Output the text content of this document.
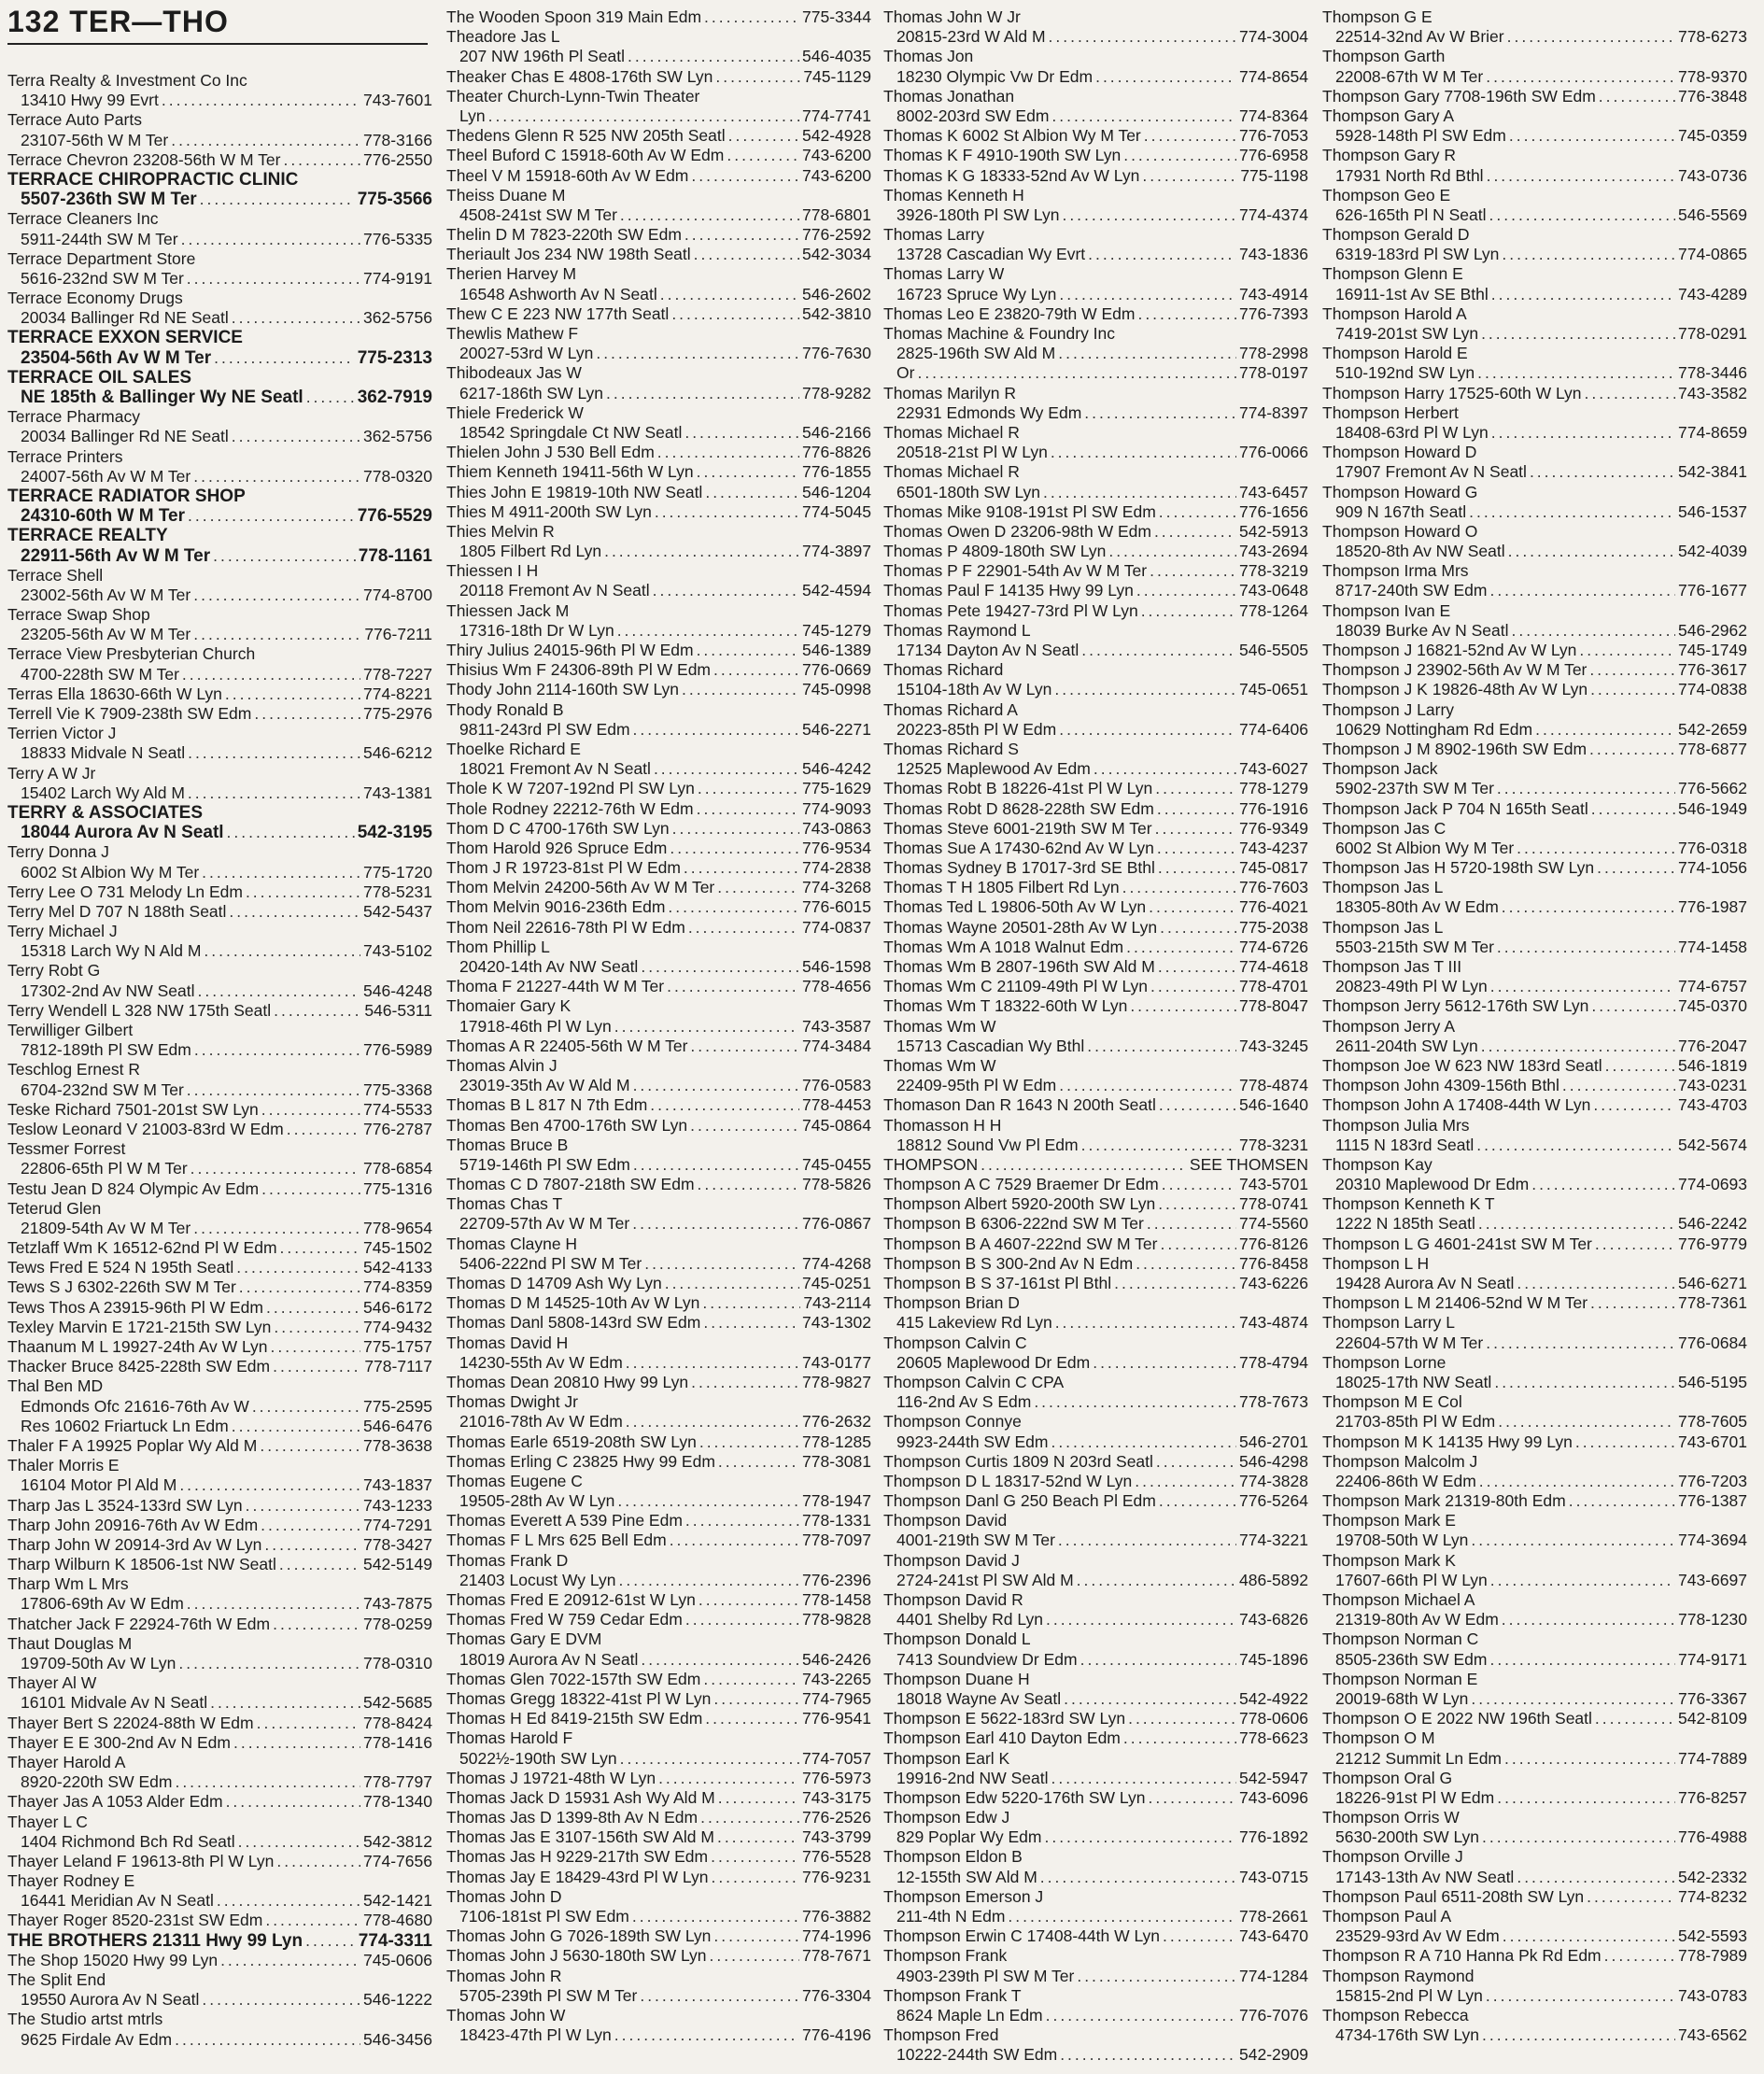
132 TER—THO
Terra Realty & Investment Co Inc
13410 Hwy 99 Evrt .....	743-7601
Terrace Auto Parts
23107-56th W M Ter .....	778-3166
Terrace Chevron 23208-56th W M Ter .....	776-2550
TERRACE CHIROPRACTIC CLINIC
5507-236th SW M Ter .....	775-3566
Terrace Cleaners Inc
5911-244th SW M Ter .....	776-5335
Terrace Department Store
5616-232nd SW M Ter .....	774-9191
Terrace Economy Drugs
20034 Ballinger Rd NE Seatl .....	362-5756
TERRACE EXXON SERVICE
23504-56th Av W M Ter .....	775-2313
TERRACE OIL SALES
NE 185th & Ballinger Wy NE Seatl .....	362-7919
Terrace Pharmacy
20034 Ballinger Rd NE Seatl .....	362-5756
Terrace Printers
24007-56th Av W M Ter .....	778-0320
TERRACE RADIATOR SHOP
24310-60th W M Ter .....	776-5529
TERRACE REALTY
22911-56th Av W M Ter .....	778-1161
Terrace Shell
23002-56th Av W M Ter .....	774-8700
Terrace Swap Shop
23205-56th Av W M Ter .....	776-7211
Terrace View Presbyterian Church
4700-228th SW M Ter .....	778-7227
Terras Ella 18630-66th W Lyn .....	774-8221
Terrell Vie K 7909-238th SW Edm .....	775-2976
Terrien Victor J
18833 Midvale N Seatl .....	546-6212
Terry A W Jr
15402 Larch Wy Ald M .....	743-1381
TERRY & ASSOCIATES
18044 Aurora Av N Seatl .....	542-3195
Terry Donna J
6002 St Albion Wy M Ter .....	775-1720
Terry Lee O 731 Melody Ln Edm .....	778-5231
Terry Mel D 707 N 188th Seatl .....	542-5437
Terry Michael J
15318 Larch Wy N Ald M .....	743-5102
Terry Robt G
17302-2nd Av NW Seatl .....	546-4248
Terry Wendell L 328 NW 175th Seatl .....	546-5311
Terwilliger Gilbert
7812-189th Pl SW Edm .....	776-5989
Teschlog Ernest R
6704-232nd SW M Ter .....	775-3368
Teske Richard 7501-201st SW Lyn .....	774-5533
Teslow Leonard V 21003-83rd W Edm .....	776-2787
Tessmer Forrest
22806-65th Pl W M Ter .....	778-6854
Testu Jean D 824 Olympic Av Edm .....	775-1316
Teterud Glen
21809-54th Av W M Ter .....	778-9654
Tetzlaff Wm K 16512-62nd Pl W Edm .....	745-1502
Tews Fred E 524 N 195th Seatl .....	542-4133
Tews S J 6302-226th SW M Ter .....	774-8359
Tews Thos A 23915-96th Pl W Edm .....	546-6172
Texley Marvin E 1721-215th SW Lyn .....	774-9432
Thaanum M L 19927-24th Av W Lyn .....	775-1757
Thacker Bruce 8425-228th SW Edm .....	778-7117
Thal Ben MD
Edmonds Ofc 21616-76th Av W .....	775-2595
Res 10602 Friartuck Ln Edm .....	546-6476
Thaler F A 19925 Poplar Wy Ald M .....	778-3638
Thaler Morris E
16104 Motor Pl Ald M .....	743-1837
Tharp Jas L 3524-133rd SW Lyn .....	743-1233
Tharp John 20916-76th Av W Edm .....	774-7291
Tharp John W 20914-3rd Av W Lyn .....	778-3427
Tharp Wilburn K 18506-1st NW Seatl .....	542-5149
Tharp Wm L Mrs
17806-69th Av W Edm .....	743-7875
Thatcher Jack F 22924-76th W Edm .....	778-0259
Thaut Douglas M
19709-50th Av W Lyn .....	778-0310
Thayer Al W
16101 Midvale Av N Seatl .....	542-5685
Thayer Bert S 22024-88th W Edm .....	778-8424
Thayer E E 300-2nd Av N Edm .....	778-1416
Thayer Harold A
8920-220th SW Edm .....	778-7797
Thayer Jas A 1053 Alder Edm .....	778-1340
Thayer L C
1404 Richmond Bch Rd Seatl .....	542-3812
Thayer Leland F 19613-8th Pl W Lyn .....	774-7656
Thayer Rodney E
16441 Meridian Av N Seatl .....	542-1421
Thayer Roger 8520-231st SW Edm .....	778-4680
THE BROTHERS 21311 Hwy 99 Lyn .....	774-3311
The Shop 15020 Hwy 99 Lyn .....	745-0606
The Split End
19550 Aurora Av N Seatl .....	546-1222
The Studio artst mtrls
9625 Firdale Av Edm .....	546-3456
The Wooden Spoon 319 Main Edm .....	775-3344
Theadore Jas L
207 NW 196th Pl Seatl .....	546-4035
Theaker Chas E 4808-176th SW Lyn .....	745-1129
Theater Church-Lynn-Twin Theater
Lyn .....	774-7741
Thedens Glenn R 525 NW 205th Seatl .....	542-4928
Theel Buford C 15918-60th Av W Edm .....	743-6200
Theel V M 15918-60th Av W Edm .....	743-6200
Theiss Duane M
4508-241st SW M Ter .....	778-6801
Thelin D M 7823-220th SW Edm .....	776-2592
Theriault Jos 234 NW 198th Seatl .....	542-3034
Therien Harvey M
16548 Ashworth Av N Seatl .....	546-2602
Thew C E 223 NW 177th Seatl .....	542-3810
Thewlis Mathew F
20027-53rd W Lyn .....	776-7630
Thibodeaux Jas W
6217-186th SW Lyn .....	778-9282
Thiele Frederick W
18542 Springdale Ct NW Seatl .....	546-2166
Thielen John J 530 Bell Edm .....	776-8826
Thiem Kenneth 19411-56th W Lyn .....	776-1855
Thies John E 19819-10th NW Seatl .....	546-1204
Thies M 4911-200th SW Lyn .....	774-5045
Thies Melvin R
1805 Filbert Rd Lyn .....	774-3897
Thiessen I H
20118 Fremont Av N Seatl .....	542-4594
Thiessen Jack M
17316-18th Dr W Lyn .....	745-1279
Thiry Julius 24015-96th Pl W Edm .....	546-1389
Thisius Wm F 24306-89th Pl W Edm .....	776-0669
Thody John 2114-160th SW Lyn .....	745-0998
Thody Ronald B
9811-243rd Pl SW Edm .....	546-2271
Thoelke Richard E
18021 Fremont Av N Seatl .....	546-4242
Thole K W 7207-192nd Pl SW Lyn .....	775-1629
Thole Rodney 22212-76th W Edm .....	774-9093
Thom D C 4700-176th SW Lyn .....	743-0863
Thom Harold 926 Spruce Edm .....	776-9534
Thom J R 19723-81st Pl W Edm .....	774-2838
Thom Melvin 24200-56th Av W M Ter .....	774-3268
Thom Melvin 9016-236th Edm .....	776-6015
Thom Neil 22616-78th Pl W Edm .....	774-0837
Thom Phillip L
20420-14th Av NW Seatl .....	546-1598
Thoma F 21227-44th W M Ter .....	778-4656
Thomaier Gary K
17918-46th Pl W Lyn .....	743-3587
Thomas A R 22405-56th W M Ter .....	774-3484
Thomas Alvin J
23019-35th Av W Ald M .....	776-0583
Thomas B L 817 N 7th Edm .....	778-4453
Thomas Ben 4700-176th SW Lyn .....	745-0864
Thomas Bruce B
5719-146th Pl SW Edm .....	745-0455
Thomas C D 7807-218th SW Edm .....	778-5826
Thomas Chas T
22709-57th Av W M Ter .....	776-0867
Thomas Clayne H
5406-222nd Pl SW M Ter .....	774-4268
Thomas D 14709 Ash Wy Lyn .....	745-0251
Thomas D M 14525-10th Av W Lyn .....	743-2114
Thomas Danl 5808-143rd SW Edm .....	743-1302
Thomas David H
14230-55th Av W Edm .....	743-0177
Thomas Dean 20810 Hwy 99 Lyn .....	778-9827
Thomas Dwight Jr
21016-78th Av W Edm .....	776-2632
Thomas Earle 6519-208th SW Lyn .....	778-1285
Thomas Erling C 23825 Hwy 99 Edm .....	778-3081
Thomas Eugene C
19505-28th Av W Lyn .....	778-1947
Thomas Everett A 539 Pine Edm .....	778-1331
Thomas F L Mrs 625 Bell Edm .....	778-7097
Thomas Frank D
21403 Locust Wy Lyn .....	776-2396
Thomas Fred E 20912-61st W Lyn .....	778-1458
Thomas Fred W 759 Cedar Edm .....	778-9828
Thomas Gary E DVM
18019 Aurora Av N Seatl .....	546-2426
Thomas Glen 7022-157th SW Edm .....	743-2265
Thomas Gregg 18322-41st Pl W Lyn .....	774-7965
Thomas H Ed 8419-215th SW Edm .....	776-9541
Thomas Harold F
5022½-190th SW Lyn .....	774-7057
Thomas J 19721-48th W Lyn .....	776-5973
Thomas Jack D 15931 Ash Wy Ald M .....	743-3175
Thomas Jas D 1399-8th Av N Edm .....	776-2526
Thomas Jas E 3107-156th SW Ald M .....	743-3799
Thomas Jas H 9229-217th SW Edm .....	776-5528
Thomas Jay E 18429-43rd Pl W Lyn .....	776-9231
Thomas John D
7106-181st Pl SW Edm .....	776-3882
Thomas John G 7026-189th SW Lyn .....	774-1996
Thomas John J 5630-180th SW Lyn .....	778-7671
Thomas John R
5705-239th Pl SW M Ter .....	776-3304
Thomas John W
18423-47th Pl W Lyn .....	776-4196
Thomas John W Jr
20815-23rd W Ald M .....	774-3004
Thomas Jon
18230 Olympic Vw Dr Edm .....	774-8654
Thomas Jonathan
8002-203rd SW Edm .....	774-8364
Thomas K 6002 St Albion Wy M Ter .....	776-7053
Thomas K F 4910-190th SW Lyn .....	776-6958
Thomas K G 18333-52nd Av W Lyn .....	775-1198
Thomas Kenneth H
3926-180th Pl SW Lyn .....	774-4374
Thomas Larry
13728 Cascadian Wy Evrt .....	743-1836
Thomas Larry W
16723 Spruce Wy Lyn .....	743-4914
Thomas Leo E 23820-79th W Edm .....	776-7393
Thomas Machine & Foundry Inc
2825-196th SW Ald M .....	778-2998
Or .....	778-0197
Thomas Marilyn R
22931 Edmonds Wy Edm .....	774-8397
Thomas Michael R
20518-21st Pl W Lyn .....	776-0066
Thomas Michael R
6501-180th SW Lyn .....	743-6457
Thomas Mike 9108-191st Pl SW Edm .....	776-1656
Thomas Owen D 23206-98th W Edm .....	542-5913
Thomas P 4809-180th SW Lyn .....	743-2694
Thomas P F 22901-54th Av W M Ter .....	778-3219
Thomas Paul F 14135 Hwy 99 Lyn .....	743-0648
Thomas Pete 19427-73rd Pl W Lyn .....	778-1264
Thomas Raymond L
17134 Dayton Av N Seatl .....	546-5505
Thomas Richard
15104-18th Av W Lyn .....	745-0651
Thomas Richard A
20223-85th Pl W Edm .....	774-6406
Thomas Richard S
12525 Maplewood Av Edm .....	743-6027
Thomas Robt B 18226-41st Pl W Lyn .....	778-1279
Thomas Robt D 8628-228th SW Edm .....	776-1916
Thomas Steve 6001-219th SW M Ter .....	776-9349
Thomas Sue A 17430-62nd Av W Lyn .....	743-4237
Thomas Sydney B 17017-3rd SE Bthl .....	745-0817
Thomas T H 1805 Filbert Rd Lyn .....	776-7603
Thomas Ted L 19806-50th Av W Lyn .....	776-4021
Thomas Wayne 20501-28th Av W Lyn .....	775-2038
Thomas Wm A 1018 Walnut Edm .....	774-6726
Thomas Wm B 2807-196th SW Ald M .....	774-4618
Thomas Wm C 21109-49th Pl W Lyn .....	778-4701
Thomas Wm T 18322-60th W Lyn .....	778-8047
Thomas Wm W
15713 Cascadian Wy Bthl .....	743-3245
Thomas Wm W
22409-95th Pl W Edm .....	778-4874
Thomason Dan R 1643 N 200th Seatl .....	546-1640
Thomasson H H
18812 Sound Vw Pl Edm .....	778-3231
THOMPSON .....	SEE THOMSEN
Thompson A C 7529 Braemer Dr Edm .....	743-5701
Thompson Albert 5920-200th SW Lyn .....	778-0741
Thompson B 6306-222nd SW M Ter .....	774-5560
Thompson B A 4607-222nd SW M Ter .....	776-8126
Thompson B S 300-2nd Av N Edm .....	776-8458
Thompson B S 37-161st Pl Bthl .....	743-6226
Thompson Brian D
415 Lakeview Rd Lyn .....	743-4874
Thompson Calvin C
20605 Maplewood Dr Edm .....	778-4794
Thompson Calvin C CPA
116-2nd Av S Edm .....	778-7673
Thompson Connye
9923-244th SW Edm .....	546-2701
Thompson Curtis 1809 N 203rd Seatl .....	546-4298
Thompson D L 18317-52nd W Lyn .....	774-3828
Thompson Danl G 250 Beach Pl Edm .....	776-5264
Thompson David
4001-219th SW M Ter .....	774-3221
Thompson David J
2724-241st Pl SW Ald M .....	486-5892
Thompson David R
4401 Shelby Rd Lyn .....	743-6826
Thompson Donald L
7413 Soundview Dr Edm .....	745-1896
Thompson Duane H
18018 Wayne Av Seatl .....	542-4922
Thompson E 5622-183rd SW Lyn .....	778-0606
Thompson Earl 410 Dayton Edm .....	778-6623
Thompson Earl K
19916-2nd NW Seatl .....	542-5947
Thompson Edw 5220-176th SW Lyn .....	743-6096
Thompson Edw J
829 Poplar Wy Edm .....	776-1892
Thompson Eldon B
12-155th SW Ald M .....	743-0715
Thompson Emerson J
211-4th N Edm .....	778-2661
Thompson Erwin C 17408-44th W Lyn .....	743-6470
Thompson Frank
4903-239th Pl SW M Ter .....	774-1284
Thompson Frank T
8624 Maple Ln Edm .....	776-7076
Thompson Fred
10222-244th SW Edm .....	542-2909
Thompson G E
22514-32nd Av W Brier .....	778-6273
Thompson Garth
22008-67th W M Ter .....	778-9370
Thompson Gary 7708-196th SW Edm .....	776-3848
Thompson Gary A
5928-148th Pl SW Edm .....	745-0359
Thompson Gary R
17931 North Rd Bthl .....	743-0736
Thompson Geo E
626-165th Pl N Seatl .....	546-5569
Thompson Gerald D
6319-183rd Pl SW Lyn .....	774-0865
Thompson Glenn E
16911-1st Av SE Bthl .....	743-4289
Thompson Harold A
7419-201st SW Lyn .....	778-0291
Thompson Harold E
510-192nd SW Lyn .....	778-3446
Thompson Harry 17525-60th W Lyn .....	743-3582
Thompson Herbert
18408-63rd Pl W Lyn .....	774-8659
Thompson Howard D
17907 Fremont Av N Seatl .....	542-3841
Thompson Howard G
909 N 167th Seatl .....	546-1537
Thompson Howard O
18520-8th Av NW Seatl .....	542-4039
Thompson Irma Mrs
8717-240th SW Edm .....	776-1677
Thompson Ivan E
18039 Burke Av N Seatl .....	546-2962
Thompson J 16821-52nd Av W Lyn .....	745-1749
Thompson J 23902-56th Av W M Ter .....	776-3617
Thompson J K 19826-48th Av W Lyn .....	774-0838
Thompson J Larry
10629 Nottingham Rd Edm .....	542-2659
Thompson J M 8902-196th SW Edm .....	778-6877
Thompson Jack
5902-237th SW M Ter .....	776-5662
Thompson Jack P 704 N 165th Seatl .....	546-1949
Thompson Jas C
6002 St Albion Wy M Ter .....	776-0318
Thompson Jas H 5720-198th SW Lyn .....	774-1056
Thompson Jas L
18305-80th Av W Edm .....	776-1987
Thompson Jas L
5503-215th SW M Ter .....	774-1458
Thompson Jas T III
20823-49th Pl W Lyn .....	774-6757
Thompson Jerry 5612-176th SW Lyn .....	745-0370
Thompson Jerry A
2611-204th SW Lyn .....	776-2047
Thompson Joe W 623 NW 183rd Seatl .....	546-1819
Thompson John 4309-156th Bthl .....	743-0231
Thompson John A 17408-44th W Lyn .....	743-4703
Thompson Julia Mrs
1115 N 183rd Seatl .....	542-5674
Thompson Kay
20310 Maplewood Dr Edm .....	774-0693
Thompson Kenneth K T
1222 N 185th Seatl .....	546-2242
Thompson L G 4601-241st SW M Ter .....	776-9779
Thompson L H
19428 Aurora Av N Seatl .....	546-6271
Thompson L M 21406-52nd W M Ter .....	778-7361
Thompson Larry L
22604-57th W M Ter .....	776-0684
Thompson Lorne
18025-17th NW Seatl .....	546-5195
Thompson M E Col
21703-85th Pl W Edm .....	778-7605
Thompson M K 14135 Hwy 99 Lyn .....	743-6701
Thompson Malcolm J
22406-86th W Edm .....	776-7203
Thompson Mark 21319-80th Edm .....	776-1387
Thompson Mark E
19708-50th W Lyn .....	774-3694
Thompson Mark K
17607-66th Pl W Lyn .....	743-6697
Thompson Michael A
21319-80th Av W Edm .....	778-1230
Thompson Norman C
8505-236th SW Edm .....	774-9171
Thompson Norman E
20019-68th W Lyn .....	776-3367
Thompson O E 2022 NW 196th Seatl .....	542-8109
Thompson O M
21212 Summit Ln Edm .....	774-7889
Thompson Oral G
18226-91st Pl W Edm .....	776-8257
Thompson Orris W
5630-200th SW Lyn .....	776-4988
Thompson Orville J
17143-13th Av NW Seatl .....	542-2332
Thompson Paul 6511-208th SW Lyn .....	774-8232
Thompson Paul A
23529-93rd Av W Edm .....	542-5593
Thompson R A 710 Hanna Pk Rd Edm .....	778-7989
Thompson Raymond
15815-2nd Pl W Lyn .....	743-0783
Thompson Rebecca
4734-176th SW Lyn .....	743-6562
